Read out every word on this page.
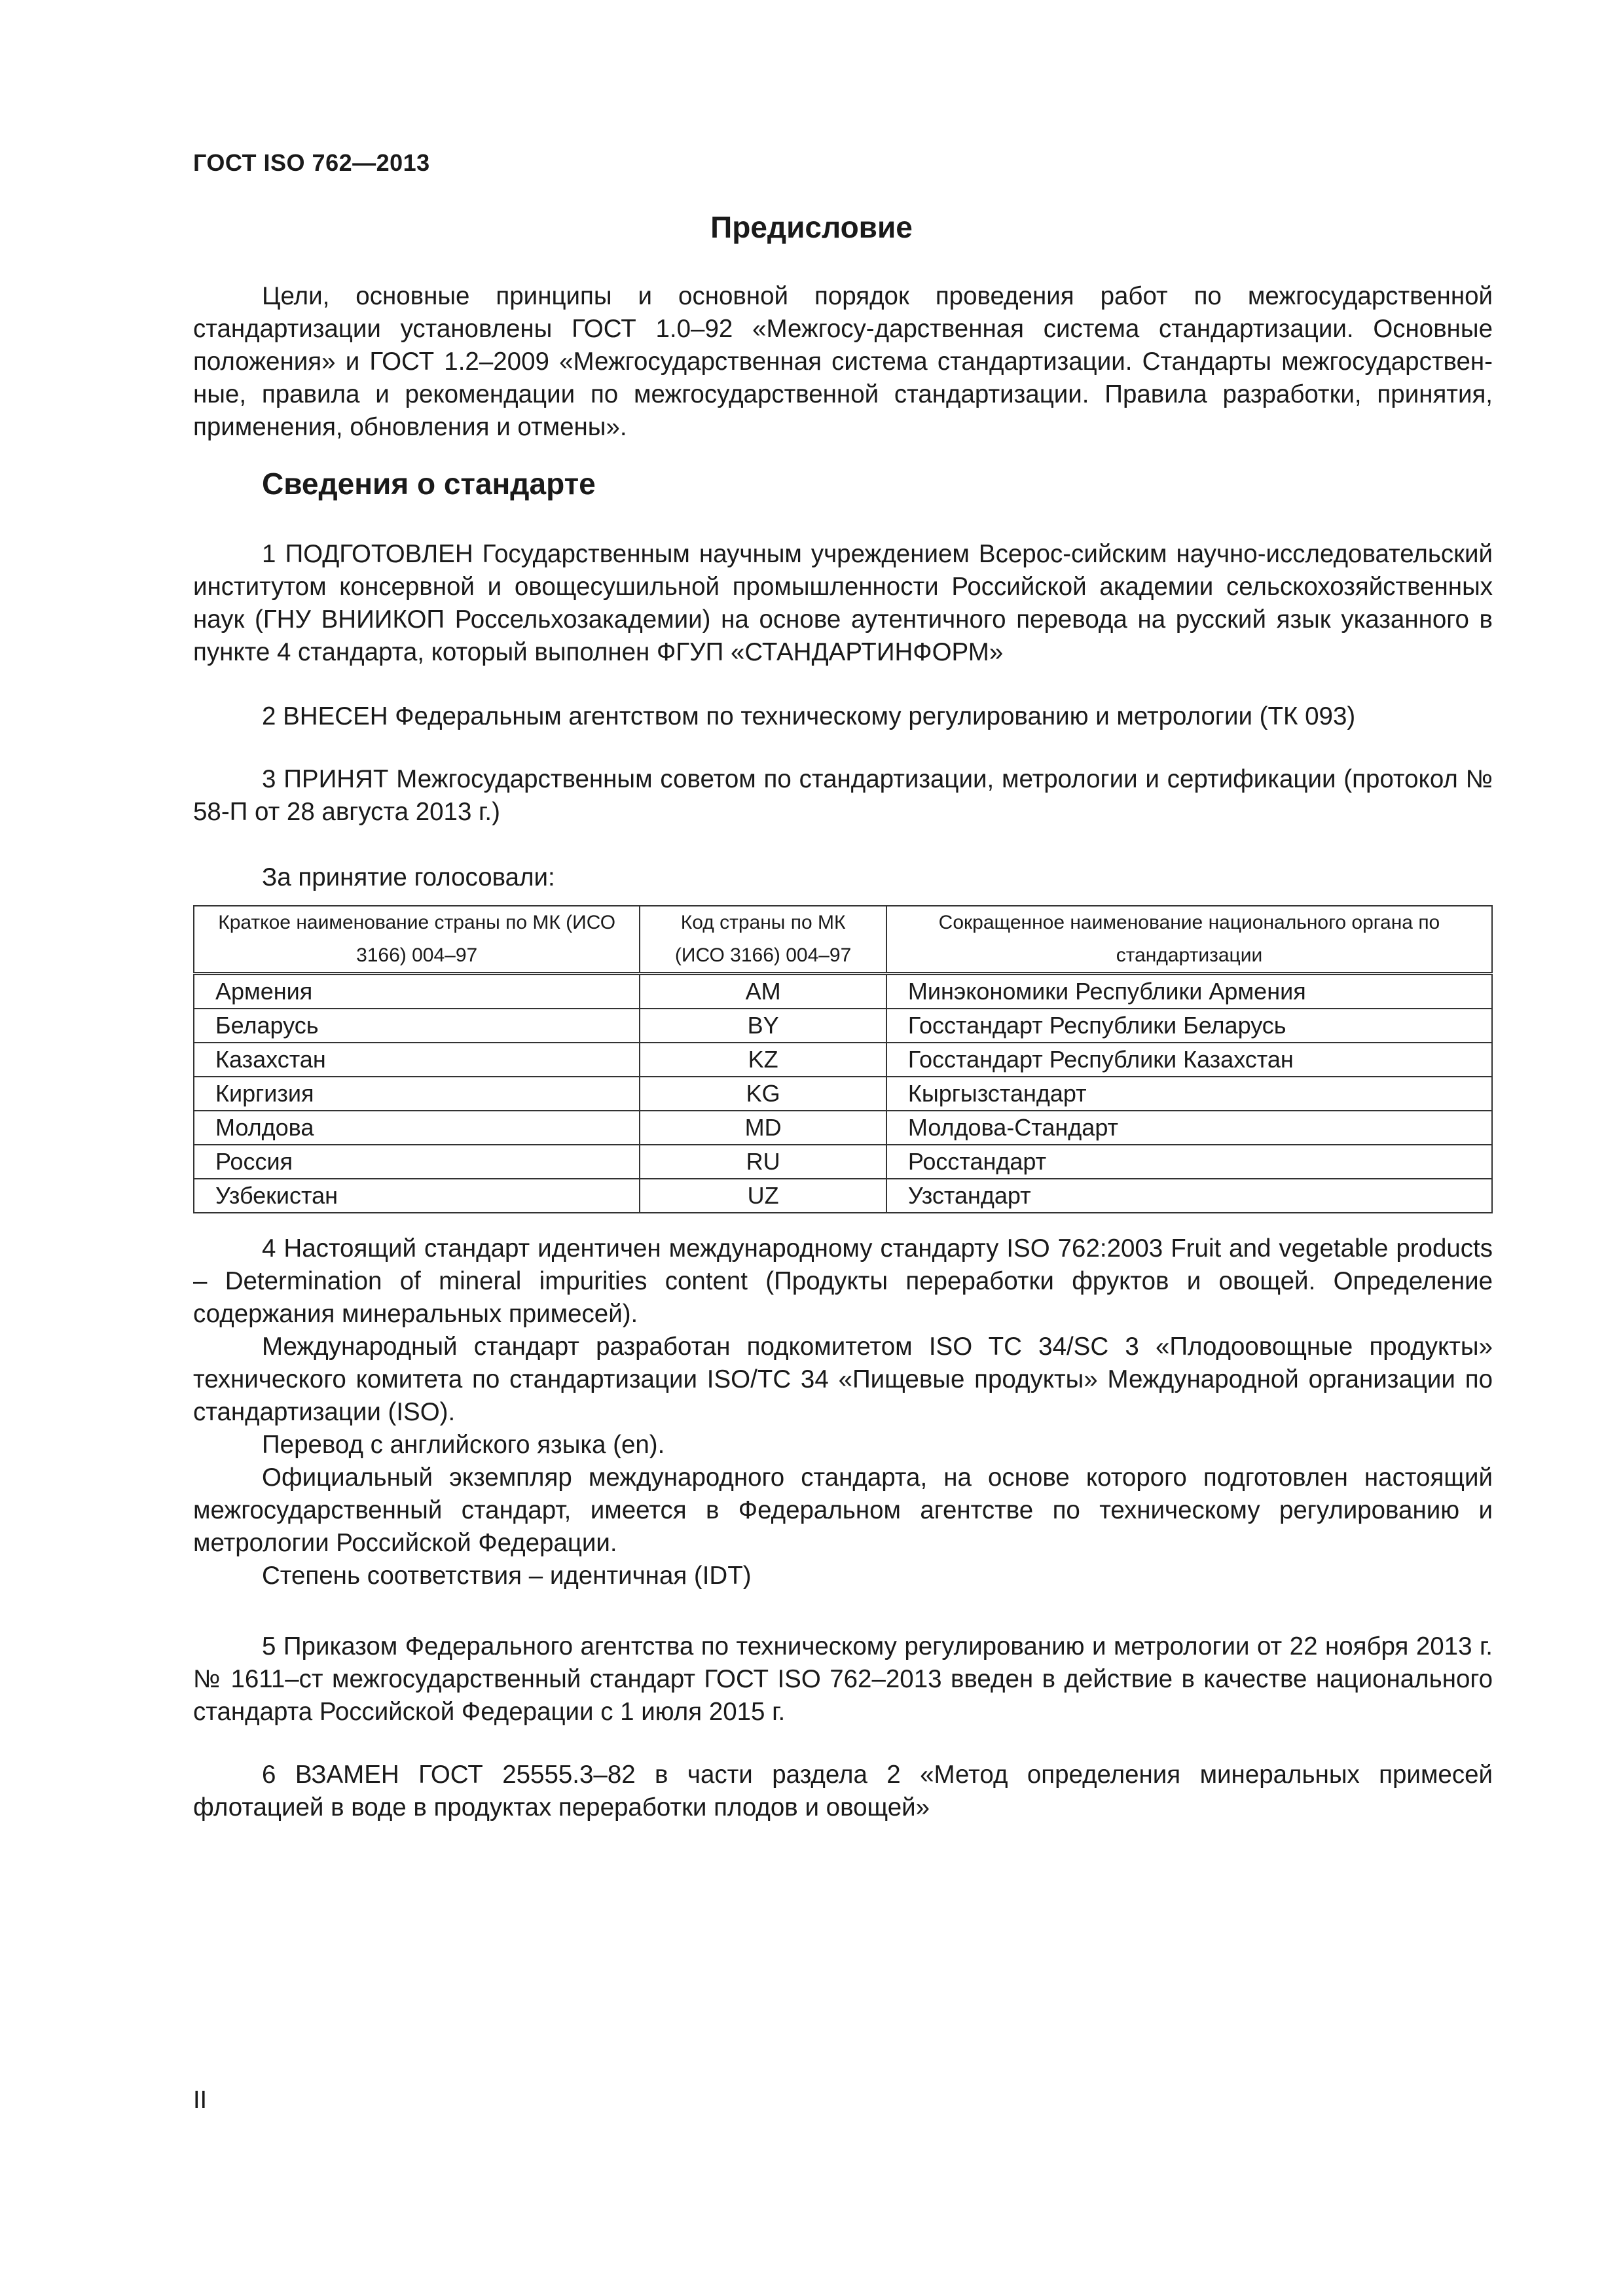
ГОСТ ISO 762—2013
Предисловие

Цели, основные принципы и основной порядок проведения работ по межгосударственной стандартизации установлены ГОСТ 1.0–92 «Межгосу-дарственная система стандартизации. Основные положения» и ГОСТ 1.2–2009 «Межгосударственная система стандартизации. Стандарты межгосударствен-ные, правила и рекомендации по межгосударственной стандартизации. Правила разработки, принятия, применения, обновления и отмены».

Сведения о стандарте

1 ПОДГОТОВЛЕН Государственным научным учреждением Всерос-сийским научно-исследовательский институтом консервной и овощесушильной промышленности Российской академии сельскохозяйственных наук (ГНУ ВНИИКОП Россельхозакадемии) на основе аутентичного перевода на русский язык указанного в пункте 4 стандарта, который выполнен ФГУП «СТАНДАРТИНФОРМ»

2 ВНЕСЕН Федеральным агентством по техническому регулированию и метрологии (ТК 093)

3 ПРИНЯТ Межгосударственным советом по стандартизации, метрологии и сертификации (протокол № 58-П от 28 августа 2013 г.)

За принятие голосовали:
Краткое наименование страны по МК (ИСО 3166) 004–97	Код страны по МК (ИСО 3166) 004–97	Сокращенное наименование национального органа по стандартизации
Армения	AM	Минэкономики Республики Армения
Беларусь	BY	Госстандарт Республики Беларусь
Казахстан	KZ	Госстандарт Республики Казахстан
Киргизия	KG	Кыргызстандарт
Молдова	MD	Молдова-Стандарт
Россия	RU	Росстандарт
Узбекистан	UZ	Узстандарт

4 Настоящий стандарт идентичен международному стандарту ISO 762:2003 Fruit and vegetable products – Determination of mineral impurities content (Продукты переработки фруктов и овощей. Определение содержания минеральных примесей).

Международный стандарт разработан подкомитетом ISO TC 34/SC 3 «Плодоовощные продукты» технического комитета по стандартизации ISO/TC 34 «Пищевые продукты» Международной организации по стандартизации (ISO).

Перевод с английского языка (en).

Официальный экземпляр международного стандарта, на основе которого подготовлен настоящий межгосударственный стандарт, имеется в Федеральном агентстве по техническому регулированию и метрологии Российской Федерации.

Степень соответствия – идентичная (IDT)

5 Приказом Федерального агентства по техническому регулированию и метрологии от 22 ноября 2013 г. № 1611–ст межгосударственный стандарт ГОСТ ISO 762–2013 введен в действие в качестве национального стандарта Российской Федерации с 1 июля 2015 г.

6 ВЗАМЕН ГОСТ 25555.3–82 в части раздела 2 «Метод определения минеральных примесей флотацией в воде в продуктах переработки плодов и овощей»

II
